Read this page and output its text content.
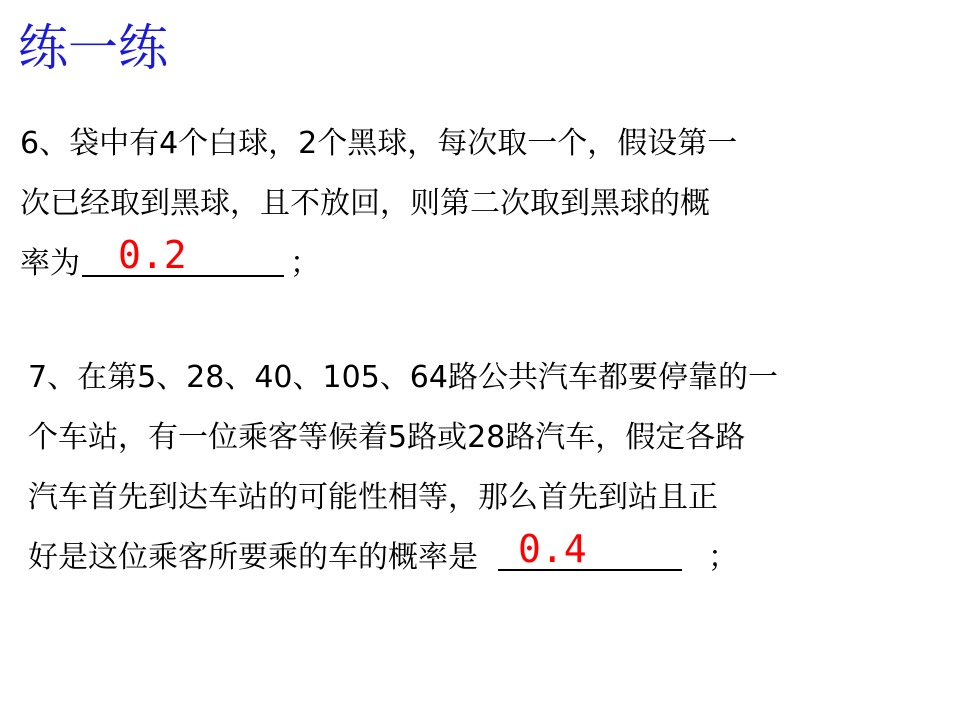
练一练
6、袋中有4个白球，2个黑球，每次取一个，假设第一
次已经取到黑球，且不放回，则第二次取到黑球的概
率为 0.2	；
7、在第5、28、40、105、64路公共汽车都要停靠的一
个车站，有一位乘客等候着5路或28路汽车，假定各路
汽车首先到达车站的可能性相等，那么首先到站且正
好是这位乘客所要乘的车的概率是 0.4	；
